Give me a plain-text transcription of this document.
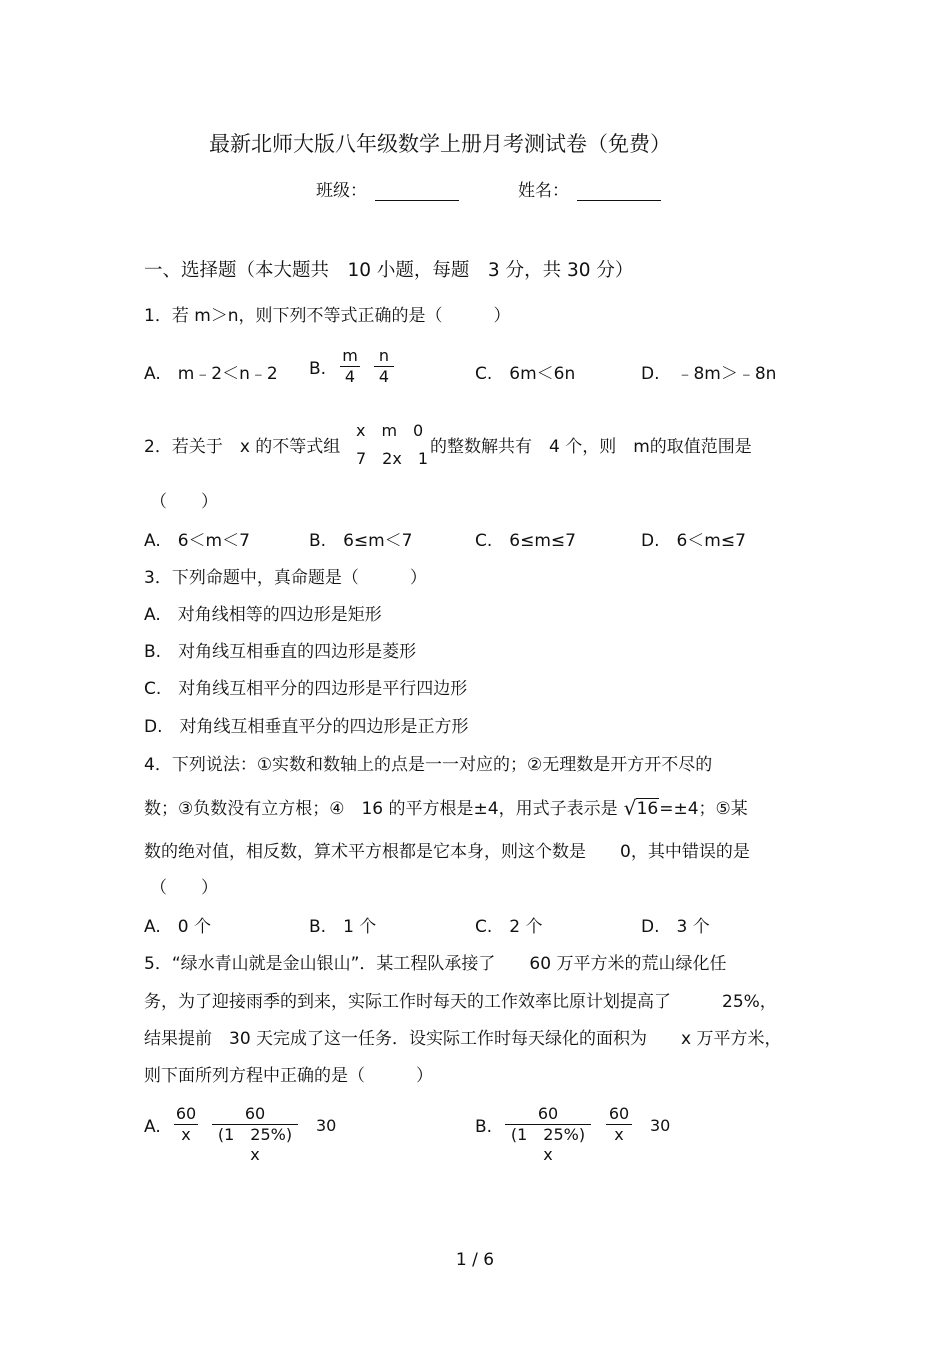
最新北师大版八年级数学上册月考测试卷（免费）
班级：	姓名：
一、选择题（本大题共　10 小题，每题　3 分，共 30 分）
1．若 m＞n，则下列不等式正确的是（　　　）
A.　m﹣2＜n﹣2 B. $\frac{m}{4} \frac{n}{4}$	C.　6m＜6n	D.　﹣8m＞﹣8n
2．若关于　x 的不等式组
x　m　0
7　2x　1
的整数解共有　4 个，则　m的取值范围是
（　　）
A.　6＜m＜7	B.　6≤m＜7	C.　6≤m≤7	D.　6＜m≤7
3．下列命题中，真命题是（　　　）
A.　对角线相等的四边形是矩形
B.　对角线互相垂直的四边形是菱形
C.　对角线互相平分的四边形是平行四边形
D.　对角线互相垂直平分的四边形是正方形
4．下列说法：①实数和数轴上的点是一一对应的；②无理数是开方开不尽的
数；③负数没有立方根；④　16 的平方根是±4，用式子表示是 √ 16=±4；⑤某
数的绝对值，相反数，算术平方根都是它本身，则这个数是　　0，其中错误的是
（　　）
A.　0 个	B.　1 个	C.　2 个	D.　3 个
5．“绿水青山就是金山银山”．某工程队承接了　　60 万平方米的荒山绿化任
务，为了迎接雨季的到来，实际工作时每天的工作效率比原计划提高了　　　25%，
结果提前　30 天完成了这一任务．设实际工作时每天绿化的面积为　　x 万平方米，
则下面所列方程中正确的是（　　　）
A. $\frac{60}{x} \frac{60}{(1 25\%) x} 30$	B. $\frac{60}{(1 25\%) x} \frac{60}{x} 30$
1 / 6
